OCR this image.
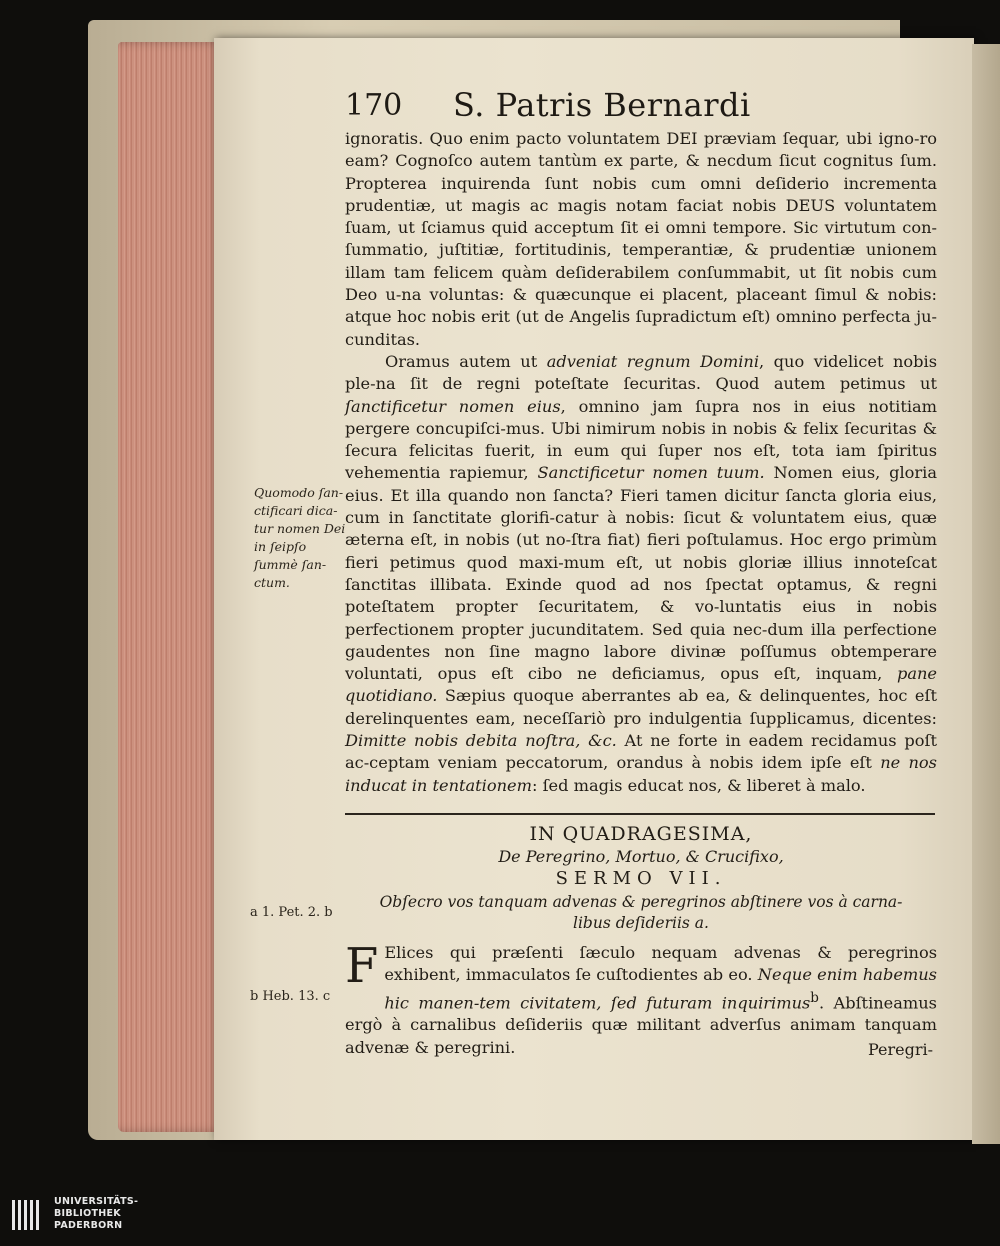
170 S. Patris Bernardi

ignoratis. Quo enim pacto voluntatem DEI præviam ſequar, ubi igno-ro eam? Cognoſco autem tantùm ex parte, & necdum ſicut cognitus ſum. Propterea inquirenda ſunt nobis cum omni deſiderio incrementa prudentiæ, ut magis ac magis notam faciat nobis DEUS voluntatem ſuam, ut ſciamus quid acceptum ſit ei omni tempore. Sic virtutum con-ſummatio, juſtitiæ, fortitudinis, temperantiæ, & prudentiæ unionem illam tam felicem quàm deſiderabilem conſummabit, ut ſit nobis cum Deo u-na voluntas: & quæcunque ei placent, placeant ſimul & nobis: atque hoc nobis erit (ut de Angelis ſupradictum eſt) omnino perfecta ju-cunditas.

Oramus autem ut adveniat regnum Domini, quo videlicet nobis ple-na ſit de regni poteſtate ſecuritas. Quod autem petimus ut ſanctificetur nomen eius, omnino jam ſupra nos in eius notitiam pergere concupiſci-mus. Ubi nimirum nobis in nobis & felix ſecuritas & ſecura felicitas fuerit, in eum qui ſuper nos eſt, tota iam ſpiritus vehementia rapiemur, Sanctificetur nomen tuum. Nomen eius, gloria eius. Et illa quando non ſancta? Fieri tamen dicitur ſancta gloria eius, cum in ſanctitate glorifi-catur à nobis: ſicut & voluntatem eius, quæ æterna eſt, in nobis (ut no-ſtra fiat) fieri poſtulamus. Hoc ergo primùm fieri petimus quod maxi-mum eſt, ut nobis gloriæ illius innoteſcat ſanctitas illibata. Exinde quod ad nos ſpectat optamus, & regni poteſtatem propter ſecuritatem, & vo-luntatis eius in nobis perfectionem propter jucunditatem. Sed quia nec-dum illa perfectione gaudentes non ſine magno labore divinæ poſſumus obtemperare voluntati, opus eſt cibo ne deficiamus, opus eſt, inquam, pane quotidiano. Sæpius quoque aberrantes ab ea, & delinquentes, hoc eſt derelinquentes eam, neceſſariò pro indulgentia ſupplicamus, dicentes: Dimitte nobis debita noſtra, &c. At ne forte in eadem recidamus poſt ac-ceptam veniam peccatorum, orandus à nobis idem ipſe eſt ne nos inducat in tentationem: ſed magis educat nos, & liberet à malo.

Quomodo ſan-ctificari dica-tur nomen Dei in ſeipſo ſummè ſan-ctum.
a 1. Pet. 2. b
b Heb. 13. c
IN QUADRAGESIMA,
De Peregrino, Mortuo, & Crucifixo,
SERMO VII.
Obſecro vos tanquam advenas & peregrinos abſtinere vos à carna-libus deſideriis a.
F Elices qui præſenti ſæculo nequam advenas & peregrinos exhibent, immaculatos ſe cuſtodientes ab eo. Neque enim habemus hic manen-tem civitatem, ſed futuram inquirimus$^b$. Abſtineamus ergò à carnalibus deſideriis quæ militant adverſus animam tanquam advenæ & peregrini.	Peregri-
UNIVERSITÄTS-
BIBLIOTHEK
PADERBORN
